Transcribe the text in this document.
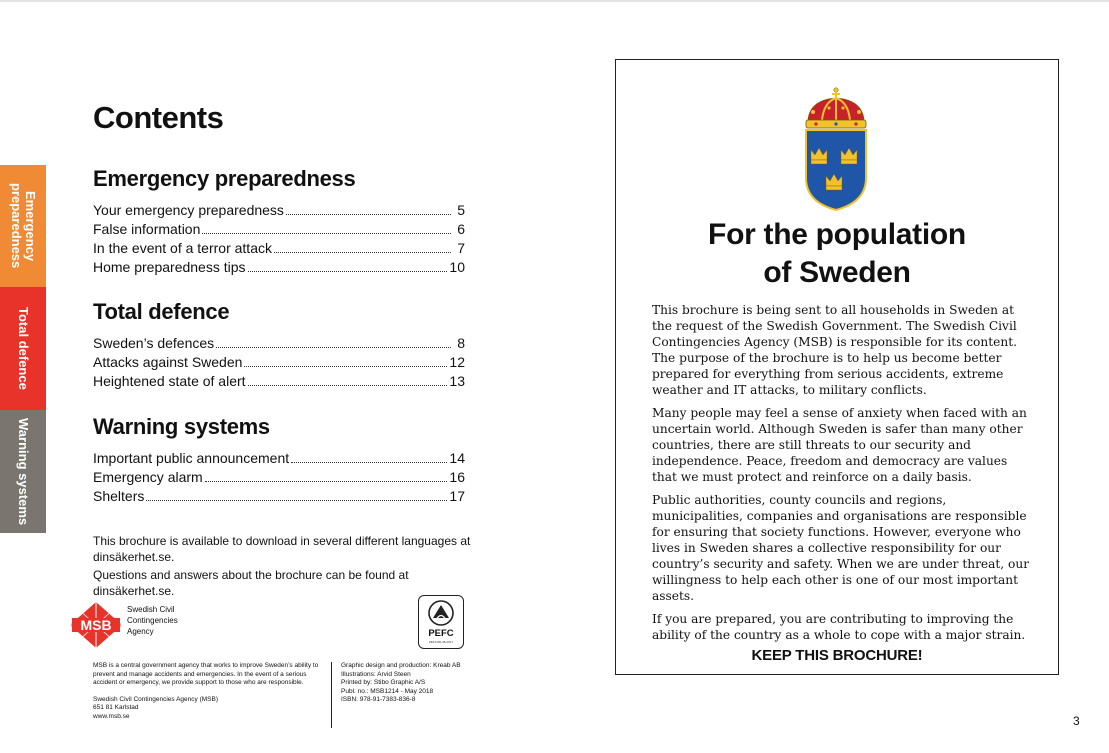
Emergency preparedness
Total defence
Warning systems
Contents
Emergency preparedness
Your emergency preparedness	5
False information	6
In the event of a terror attack	7
Home preparedness tips	10
Total defence
Sweden’s defences	8
Attacks against Sweden	12
Heightened state of alert	13
Warning systems
Important public announcement	14
Emergency alarm	16
Shelters	17

This brochure is available to download in several different languages at dinsäkerhet.se.

Questions and answers about the brochure can be found at dinsäkerhet.se.

MSB
Swedish Civil
Contingencies
Agency	PEFC
PEFC/06-38-2017

MSB is a central government agency that works to improve Sweden’s ability to prevent and manage accidents and emergencies. In the event of a serious accident or emergency, we provide support to those who are responsible.

Swedish Civil Contingencies Agency (MSB)
651 81 Karlstad
www.msb.se
Graphic design and production: Kreab AB
Illustrations: Arvid Steen
Printed by: Stibo Graphic A/S
Publ. no.: MSB1214 - May 2018
ISBN: 978-91-7383-836-8
For the population
of Sweden

This brochure is being sent to all households in Sweden at the request of the Swedish Government. The Swedish Civil Contingencies Agency (MSB) is responsible for its content. The purpose of the brochure is to help us become better prepared for everything from serious accidents, extreme weather and IT attacks, to military conflicts.

Many people may feel a sense of anxiety when faced with an uncertain world. Although Sweden is safer than many other countries, there are still threats to our security and independence. Peace, freedom and democracy are values that we must protect and reinforce on a daily basis.

Public authorities, county councils and regions, municipalities, companies and organisations are responsible for ensuring that society functions. However, everyone who lives in Sweden shares a collective responsibility for our country’s security and safety. When we are under threat, our willingness to help each other is one of our most important assets.

If you are prepared, you are contributing to improving the ability of the country as a whole to cope with a major strain.

KEEP THIS BROCHURE!
3
